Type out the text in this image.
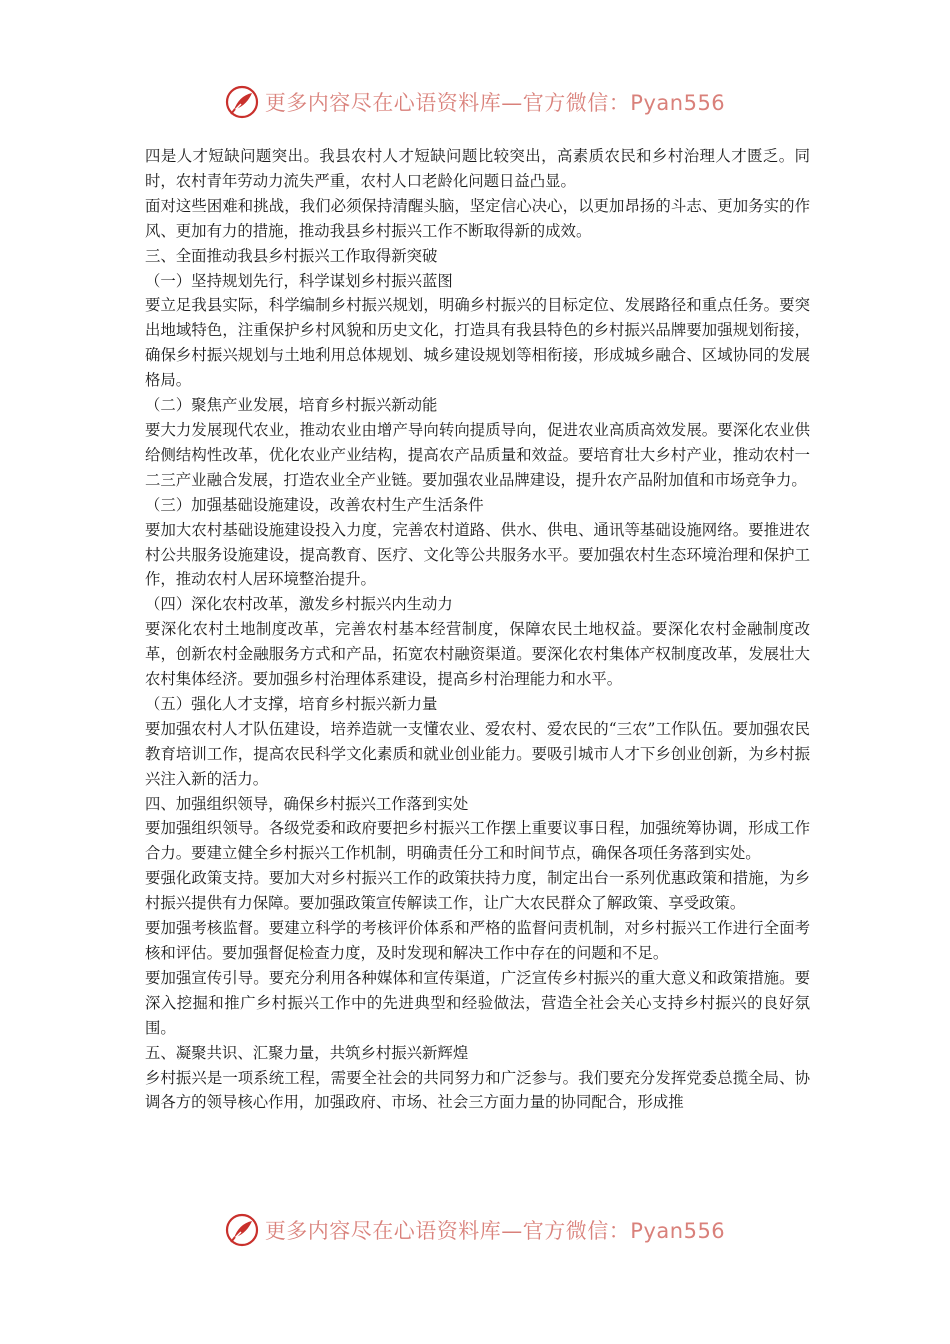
更多内容尽在心语资料库—官方微信：Pyan556

四是人才短缺问题突出。我县农村人才短缺问题比较突出，高素质农民和乡村治理人才匮乏。同时，农村青年劳动力流失严重，农村人口老龄化问题日益凸显。

面对这些困难和挑战，我们必须保持清醒头脑，坚定信心决心，以更加昂扬的斗志、更加务实的作风、更加有力的措施，推动我县乡村振兴工作不断取得新的成效。

三、全面推动我县乡村振兴工作取得新突破

（一）坚持规划先行，科学谋划乡村振兴蓝图

要立足我县实际，科学编制乡村振兴规划，明确乡村振兴的目标定位、发展路径和重点任务。要突出地域特色，注重保护乡村风貌和历史文化，打造具有我县特色的乡村振兴品牌要加强规划衔接，确保乡村振兴规划与土地利用总体规划、城乡建设规划等相衔接，形成城乡融合、区域协同的发展格局。

（二）聚焦产业发展，培育乡村振兴新动能

要大力发展现代农业，推动农业由增产导向转向提质导向，促进农业高质高效发展。要深化农业供给侧结构性改革，优化农业产业结构，提高农产品质量和效益。要培育壮大乡村产业，推动农村一二三产业融合发展，打造农业全产业链。要加强农业品牌建设，提升农产品附加值和市场竞争力。

（三）加强基础设施建设，改善农村生产生活条件

要加大农村基础设施建设投入力度，完善农村道路、供水、供电、通讯等基础设施网络。要推进农村公共服务设施建设，提高教育、医疗、文化等公共服务水平。要加强农村生态环境治理和保护工作，推动农村人居环境整治提升。

（四）深化农村改革，激发乡村振兴内生动力

要深化农村土地制度改革，完善农村基本经营制度，保障农民土地权益。要深化农村金融制度改革，创新农村金融服务方式和产品，拓宽农村融资渠道。要深化农村集体产权制度改革，发展壮大农村集体经济。要加强乡村治理体系建设，提高乡村治理能力和水平。

（五）强化人才支撑，培育乡村振兴新力量

要加强农村人才队伍建设，培养造就一支懂农业、爱农村、爱农民的“三农”工作队伍。要加强农民教育培训工作，提高农民科学文化素质和就业创业能力。要吸引城市人才下乡创业创新，为乡村振兴注入新的活力。

四、加强组织领导，确保乡村振兴工作落到实处

要加强组织领导。各级党委和政府要把乡村振兴工作摆上重要议事日程，加强统筹协调，形成工作合力。要建立健全乡村振兴工作机制，明确责任分工和时间节点，确保各项任务落到实处。

要强化政策支持。要加大对乡村振兴工作的政策扶持力度，制定出台一系列优惠政策和措施，为乡村振兴提供有力保障。要加强政策宣传解读工作，让广大农民群众了解政策、享受政策。

要加强考核监督。要建立科学的考核评价体系和严格的监督问责机制，对乡村振兴工作进行全面考核和评估。要加强督促检查力度，及时发现和解决工作中存在的问题和不足。

要加强宣传引导。要充分利用各种媒体和宣传渠道，广泛宣传乡村振兴的重大意义和政策措施。要深入挖掘和推广乡村振兴工作中的先进典型和经验做法，营造全社会关心支持乡村振兴的良好氛围。

五、凝聚共识、汇聚力量，共筑乡村振兴新辉煌

乡村振兴是一项系统工程，需要全社会的共同努力和广泛参与。我们要充分发挥党委总揽全局、协调各方的领导核心作用，加强政府、市场、社会三方面力量的协同配合，形成推

更多内容尽在心语资料库—官方微信：Pyan556
